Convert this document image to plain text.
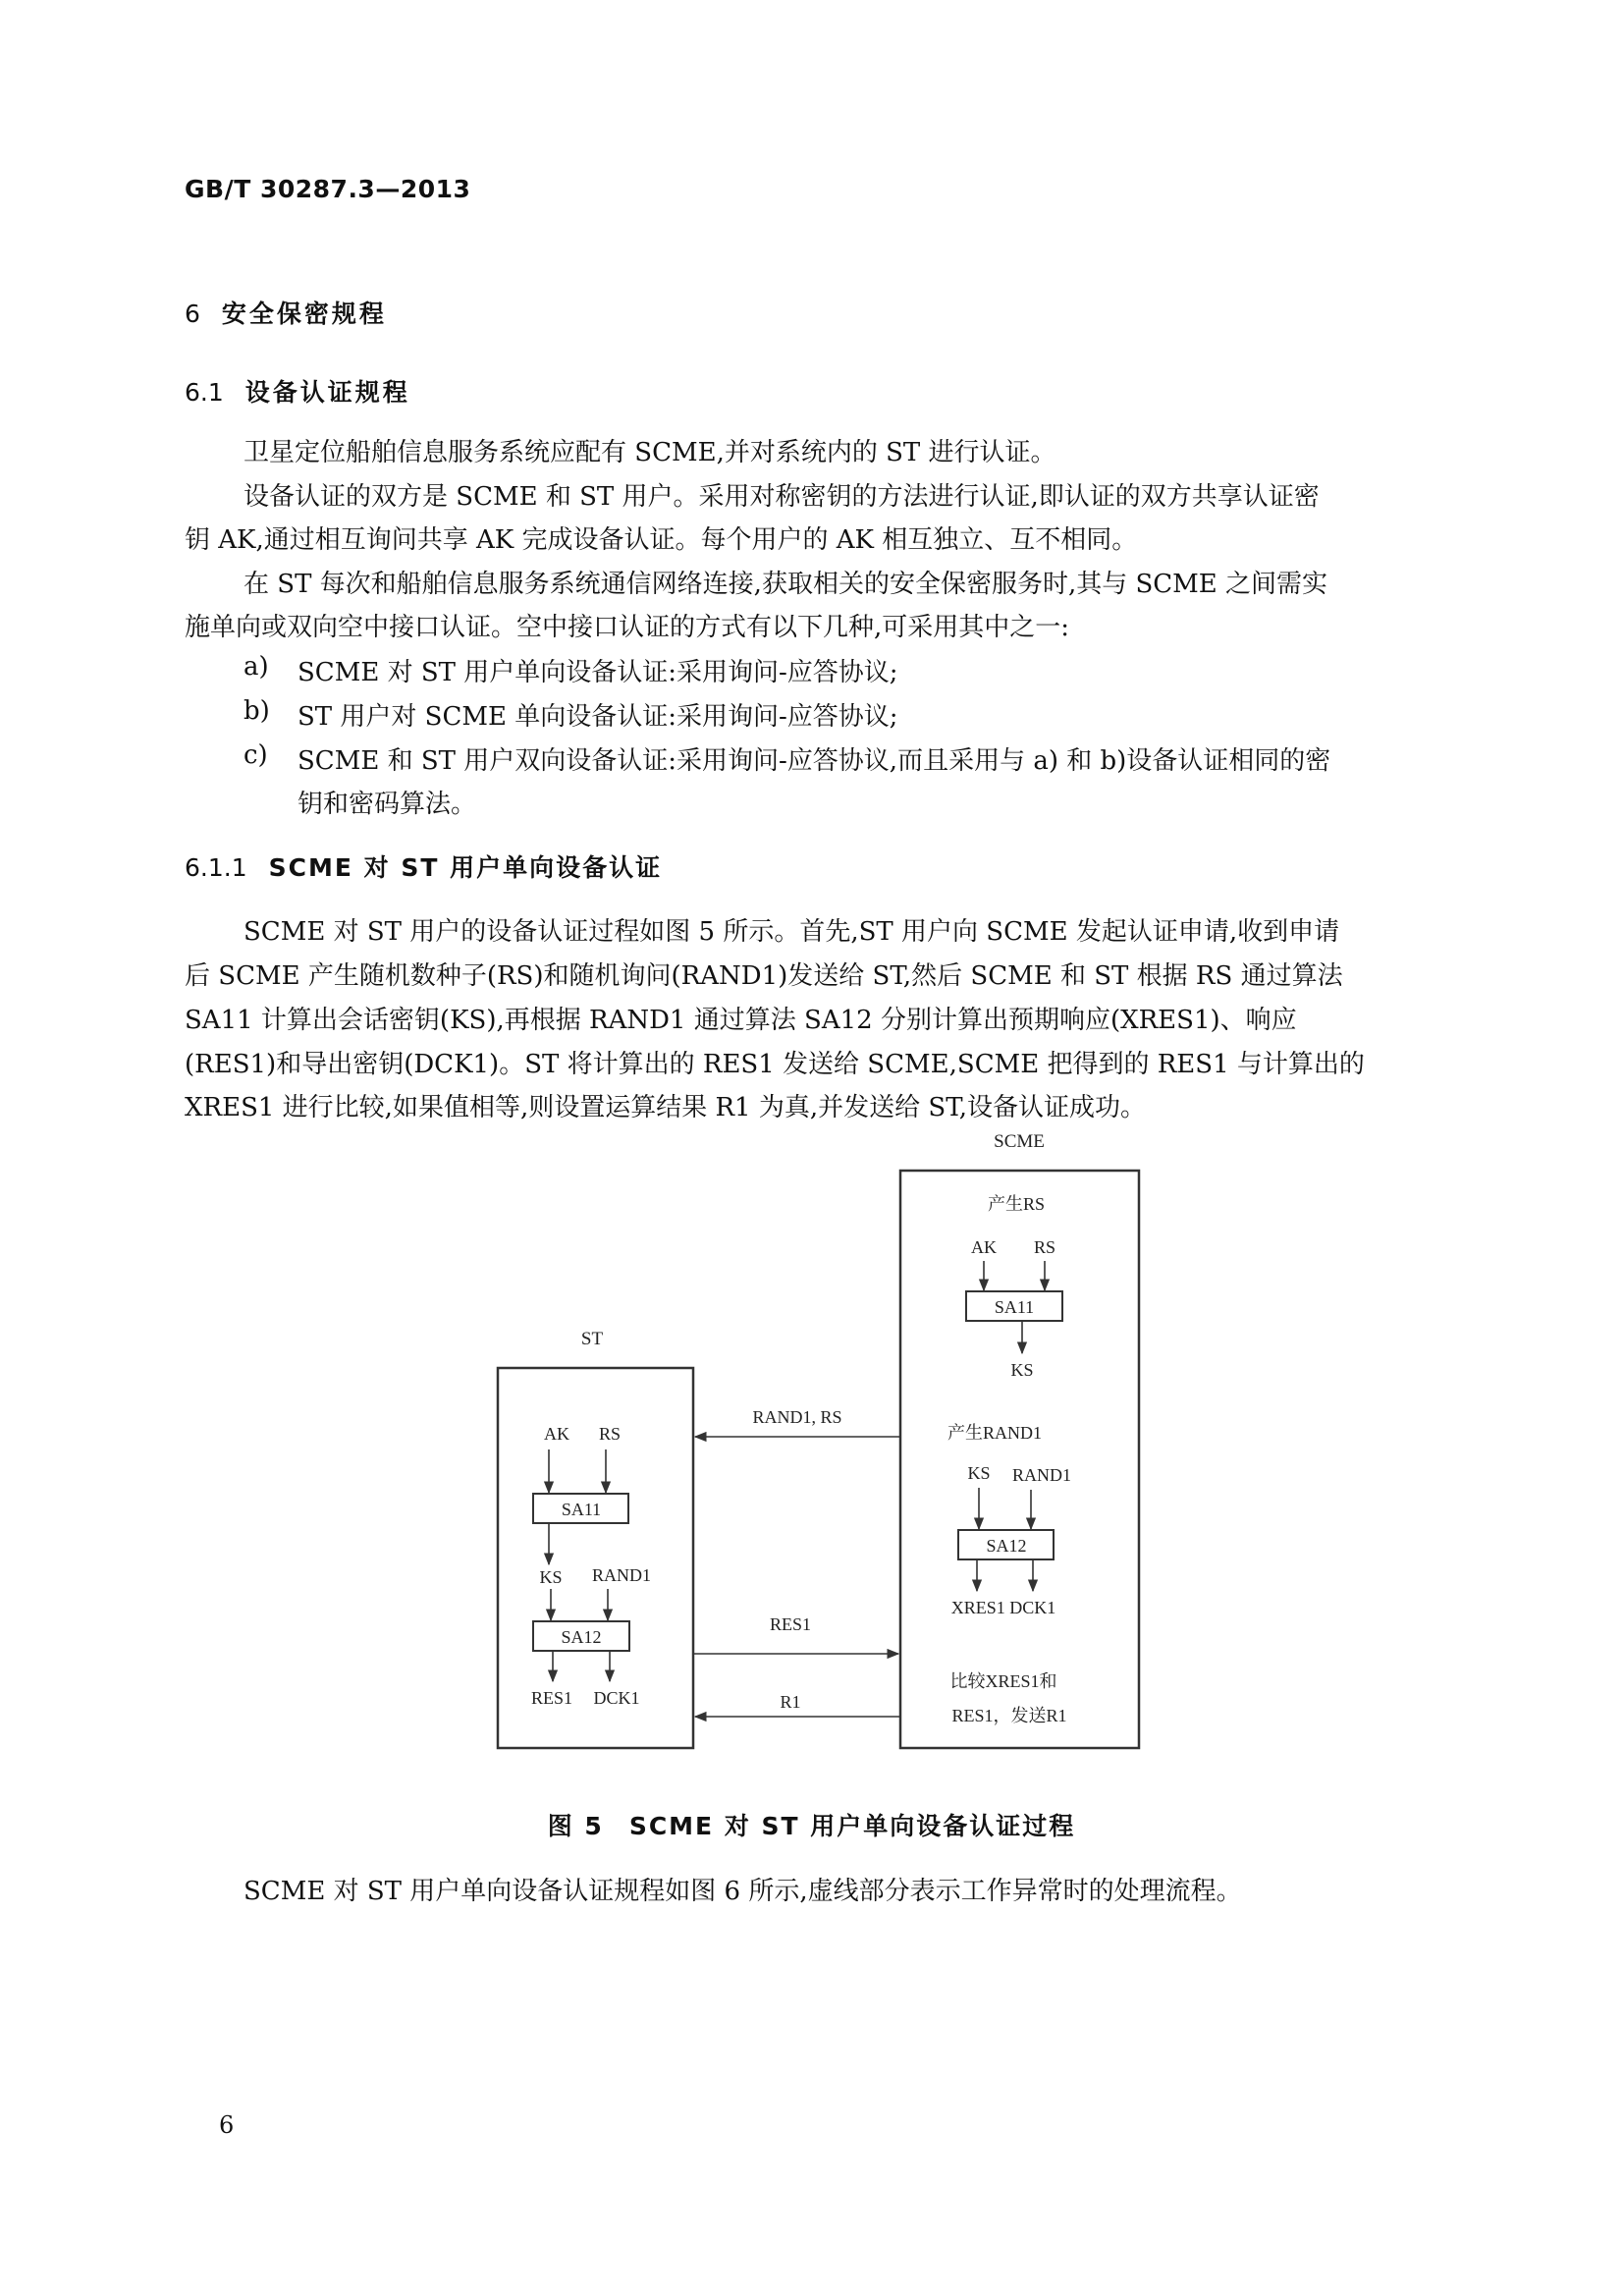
GB/T 30287.3—2013
6 安全保密规程
6.1 设备认证规程
卫星定位船舶信息服务系统应配有 SCME,并对系统内的 ST 进行认证。
设备认证的双方是 SCME 和 ST 用户。采用对称密钥的方法进行认证,即认证的双方共享认证密
钥 AK,通过相互询问共享 AK 完成设备认证。每个用户的 AK 相互独立、互不相同。
在 ST 每次和船舶信息服务系统通信网络连接,获取相关的安全保密服务时,其与 SCME 之间需实
施单向或双向空中接口认证。空中接口认证的方式有以下几种,可采用其中之一:
a) SCME 对 ST 用户单向设备认证:采用询问-应答协议;
b) ST 用户对 SCME 单向设备认证:采用询问-应答协议;
c) SCME 和 ST 用户双向设备认证:采用询问-应答协议,而且采用与 a) 和 b)设备认证相同的密
钥和密码算法。
6.1.1 SCME 对 ST 用户单向设备认证
SCME 对 ST 用户的设备认证过程如图 5 所示。首先,ST 用户向 SCME 发起认证申请,收到申请
后 SCME 产生随机数种子(RS)和随机询问(RAND1)发送给 ST,然后 SCME 和 ST 根据 RS 通过算法
SA11 计算出会话密钥(KS),再根据 RAND1 通过算法 SA12 分别计算出预期响应(XRES1)、响应
(RES1)和导出密钥(DCK1)。ST 将计算出的 RES1 发送给 SCME,SCME 把得到的 RES1 与计算出的
XRES1 进行比较,如果值相等,则设置运算结果 R1 为真,并发送给 ST,设备认证成功。
SCME
产生RS
AK RS
SA11
KS
产生RAND1
KS RAND1
SA12
XRES1 DCK1
比较XRES1和
RES1，发送R1
ST
AK RS
SA11
KS RAND1
SA12
RES1 DCK1
RAND1, RS
RES1
R1
图 5 SCME 对 ST 用户单向设备认证过程
SCME 对 ST 用户单向设备认证规程如图 6 所示,虚线部分表示工作异常时的处理流程。
6
